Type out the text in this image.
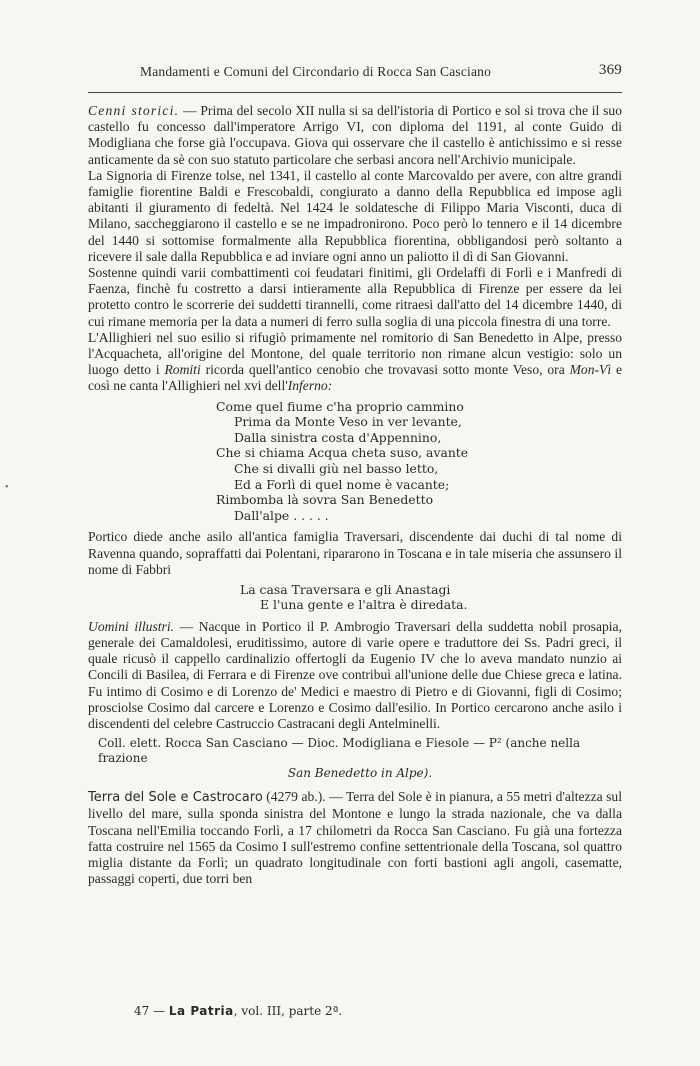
•
Mandamenti e Comuni del Circondario di Rocca San Casciano	369

Cenni storici. — Prima del secolo XII nulla si sa dell'istoria di Portico e sol si trova che il suo castello fu concesso dall'imperatore Arrigo VI, con diploma del 1191, al conte Guido di Modigliana che forse già l'occupava. Giova qui osservare che il castello è antichissimo e si resse anticamente da sè con suo statuto particolare che serbasi ancora nell'Archivio municipale.

La Signoria di Firenze tolse, nel 1341, il castello al conte Marcovaldo per avere, con altre grandi famiglie fiorentine Baldi e Frescobaldi, congiurato a danno della Repubblica ed impose agli abitanti il giuramento di fedeltà. Nel 1424 le soldatesche di Filippo Maria Visconti, duca di Milano, saccheggiarono il castello e se ne impadronirono. Poco però lo tennero e il 14 dicembre del 1440 si sottomise formalmente alla Repubblica fiorentina, obbligandosi però soltanto a ricevere il sale dalla Repubblica e ad inviare ogni anno un paliotto il dì di San Giovanni.

Sostenne quindi varii combattimenti coi feudatari finitimi, gli Ordelaffi di Forlì e i Manfredi di Faenza, finchè fu costretto a darsi intieramente alla Repubblica di Firenze per essere da lei protetto contro le scorrerie dei suddetti tirannelli, come ritraesi dall'atto del 14 dicembre 1440, di cui rimane memoria per la data a numeri di ferro sulla soglia di una piccola finestra di una torre.

L'Allighieri nel suo esilio si rifugiò primamente nel romitorio di San Benedetto in Alpe, presso l'Acquacheta, all'origine del Montone, del quale territorio non rimane alcun vestigio: solo un luogo detto i Romiti ricorda quell'antico cenobio che trovavasi sotto monte Veso, ora Mon-Vì e così ne canta l'Allighieri nel xvi dell'Inferno:

Come quel fiume c'ha proprio cammino
Prima da Monte Veso in ver levante,
Dalla sinistra costa d'Appennino,
Che si chiama Acqua cheta suso, avante
Che si divalli giù nel basso letto,
Ed a Forlì di quel nome è vacante;
Rimbomba là sovra San Benedetto
Dall'alpe . . . . .

Portico diede anche asilo all'antica famiglia Traversari, discendente dai duchi di tal nome di Ravenna quando, sopraffatti dai Polentani, ripararono in Toscana e in tale miseria che assunsero il nome di Fabbri

La casa Traversara e gli Anastagi
E l'una gente e l'altra è diredata.

Uomini illustri. — Nacque in Portico il P. Ambrogio Traversari della suddetta nobil prosapia, generale dei Camaldolesi, eruditissimo, autore di varie opere e traduttore dei Ss. Padri greci, il quale ricusò il cappello cardinalizio offertogli da Eugenio IV che lo aveva mandato nunzio ai Concili di Basilea, di Ferrara e di Firenze ove contribuì all'unione delle due Chiese greca e latina. Fu intimo di Cosimo e di Lorenzo de' Medici e maestro di Pietro e di Giovanni, figli di Cosimo; prosciolse Cosimo dal carcere e Lorenzo e Cosimo dall'esilio. In Portico cercarono anche asilo i discendenti del celebre Castruccio Castracani degli Antelminelli.

Coll. elett. Rocca San Casciano — Dioc. Modigliana e Fiesole — P² (anche nella frazione
San Benedetto in Alpe).

Terra del Sole e Castrocaro (4279 ab.). — Terra del Sole è in pianura, a 55 metri d'altezza sul livello del mare, sulla sponda sinistra del Montone e lungo la strada nazionale, che va dalla Toscana nell'Emilia toccando Forlì, a 17 chilometri da Rocca San Casciano. Fu già una fortezza fatta costruire nel 1565 da Cosimo I sull'estremo confine settentrionale della Toscana, sol quattro miglia distante da Forlì; un quadrato longitudinale con forti bastioni agli angoli, casematte, passaggi coperti, due torri ben

47 — La Patria, vol. III, parte 2ª.
